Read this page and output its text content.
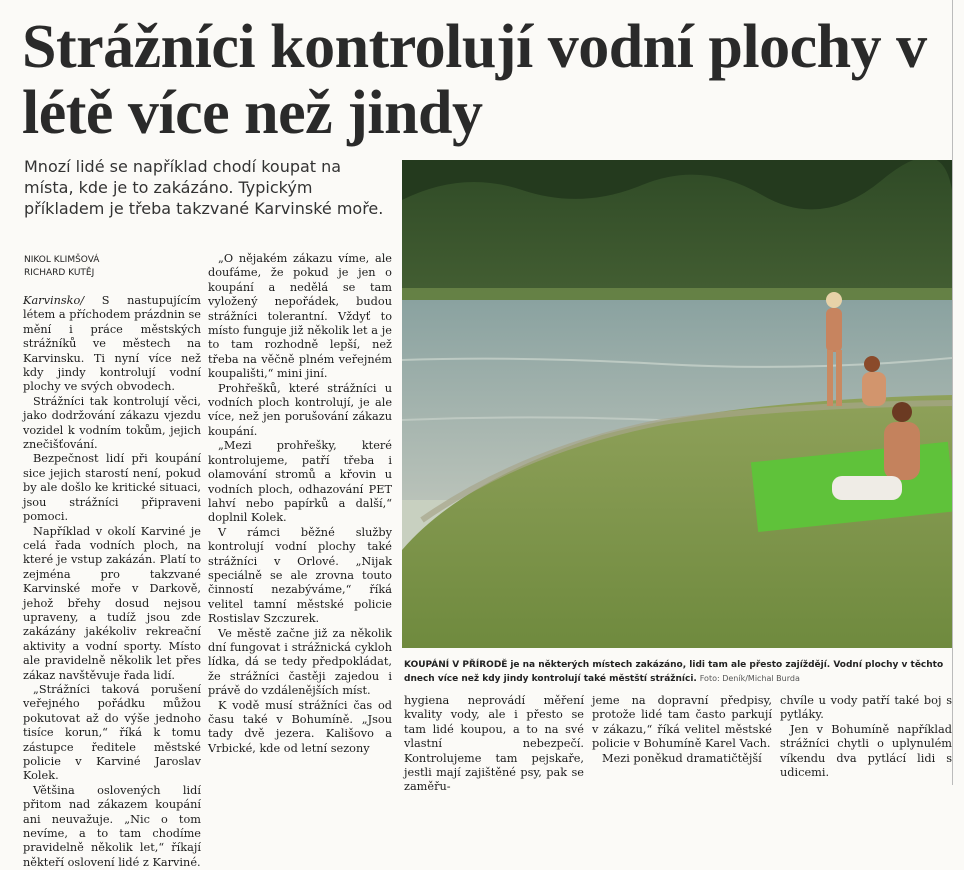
Strážníci kontrolují vodní plochy v létě více než jindy
Mnozí lidé se například chodí koupat na místa, kde je to zakázáno. Typickým příkladem je třeba takzvané Karvinské moře.
NIKOL KLIMŠOVÁ
RICHARD KUTĚJ

Karvinsko/ S nastupujícím létem a příchodem prázdnin se mění i práce městských strážníků ve městech na Karvinsku. Ti nyní více než kdy jindy kontrolují vodní plochy ve svých obvodech.

Strážníci tak kontrolují věci, jako dodržování zákazu vjezdu vozidel k vodním tokům, jejich znečišťování.

Bezpečnost lidí při koupání sice jejich starostí není, pokud by ale došlo ke kritické situaci, jsou strážníci připraveni pomoci.

Například v okolí Karviné je celá řada vodních ploch, na které je vstup zakázán. Platí to zejména pro takzvané Karvinské moře v Darkově, jehož břehy dosud nejsou upraveny, a tudíž jsou zde zakázány jakékoliv rekreační aktivity a vodní sporty. Místo ale pravidelně několik let přes zákaz navštěvuje řada lidí.

„Strážníci taková porušení veřejného pořádku můžou pokutovat až do výše jednoho tisíce korun,“ říká k tomu zástupce ředitele městské policie v Karviné Jaroslav Kolek.

Většina oslovených lidí přitom nad zákazem koupání ani neuvažuje. „Nic o tom nevíme, a to tam chodíme pravidelně několik let,“ říkají někteří oslovení lidé z Karviné.

„O nějakém zákazu víme, ale doufáme, že pokud je jen o koupání a nedělá se tam vyložený nepořádek, budou strážníci tolerantní. Vždyť to místo funguje již několik let a je to tam rozhodně lepší, než třeba na věčně plném veřejném koupališti,“ mini jiní.

Prohřešků, které strážníci u vodních ploch kontrolují, je ale více, než jen porušování zákazu koupání.

„Mezi prohřešky, které kontrolujeme, patří třeba i olamování stromů a křovin u vodních ploch, odhazování PET lahví nebo papírků a další,“ doplnil Kolek.

V rámci běžné služby kontrolují vodní plochy také strážníci v Orlové. „Nijak speciálně se ale zrovna touto činností nezabýváme,“ říká velitel tamní městské policie Rostislav Szczurek.

Ve městě začne již za několik dní fungovat i strážnická cykloh lídka, dá se tedy předpokládat, že strážníci častěji zajedou i právě do vzdálenějších míst.

K vodě musí strážníci čas od času také v Bohumíně. „Jsou tady dvě jezera. Kališovo a Vrbické, kde od letní sezony

KOUPÁNÍ V PŘÍRODĚ je na některých místech zakázáno, lidi tam ale přesto zajíždějí. Vodní plochy v těchto dnech více než kdy jindy kontrolují také městští strážníci. Foto: Deník/Michal Burda

hygiena neprovádí měření kvality vody, ale i přesto se tam lidé koupou, a to na své vlastní nebezpečí. Kontrolujeme tam pejskaře, jestli mají zajištěné psy, pak se zaměřu-

jeme na dopravní předpisy, protože lidé tam často parkují v zákazu,“ říká velitel městské policie v Bohumíně Karel Vach.

Mezi poněkud dramatičtější

chvíle u vody patří také boj s pytláky.

Jen v Bohumíně například strážníci chytli o uplynulém víkendu dva pytlácí lidi s udicemi.
